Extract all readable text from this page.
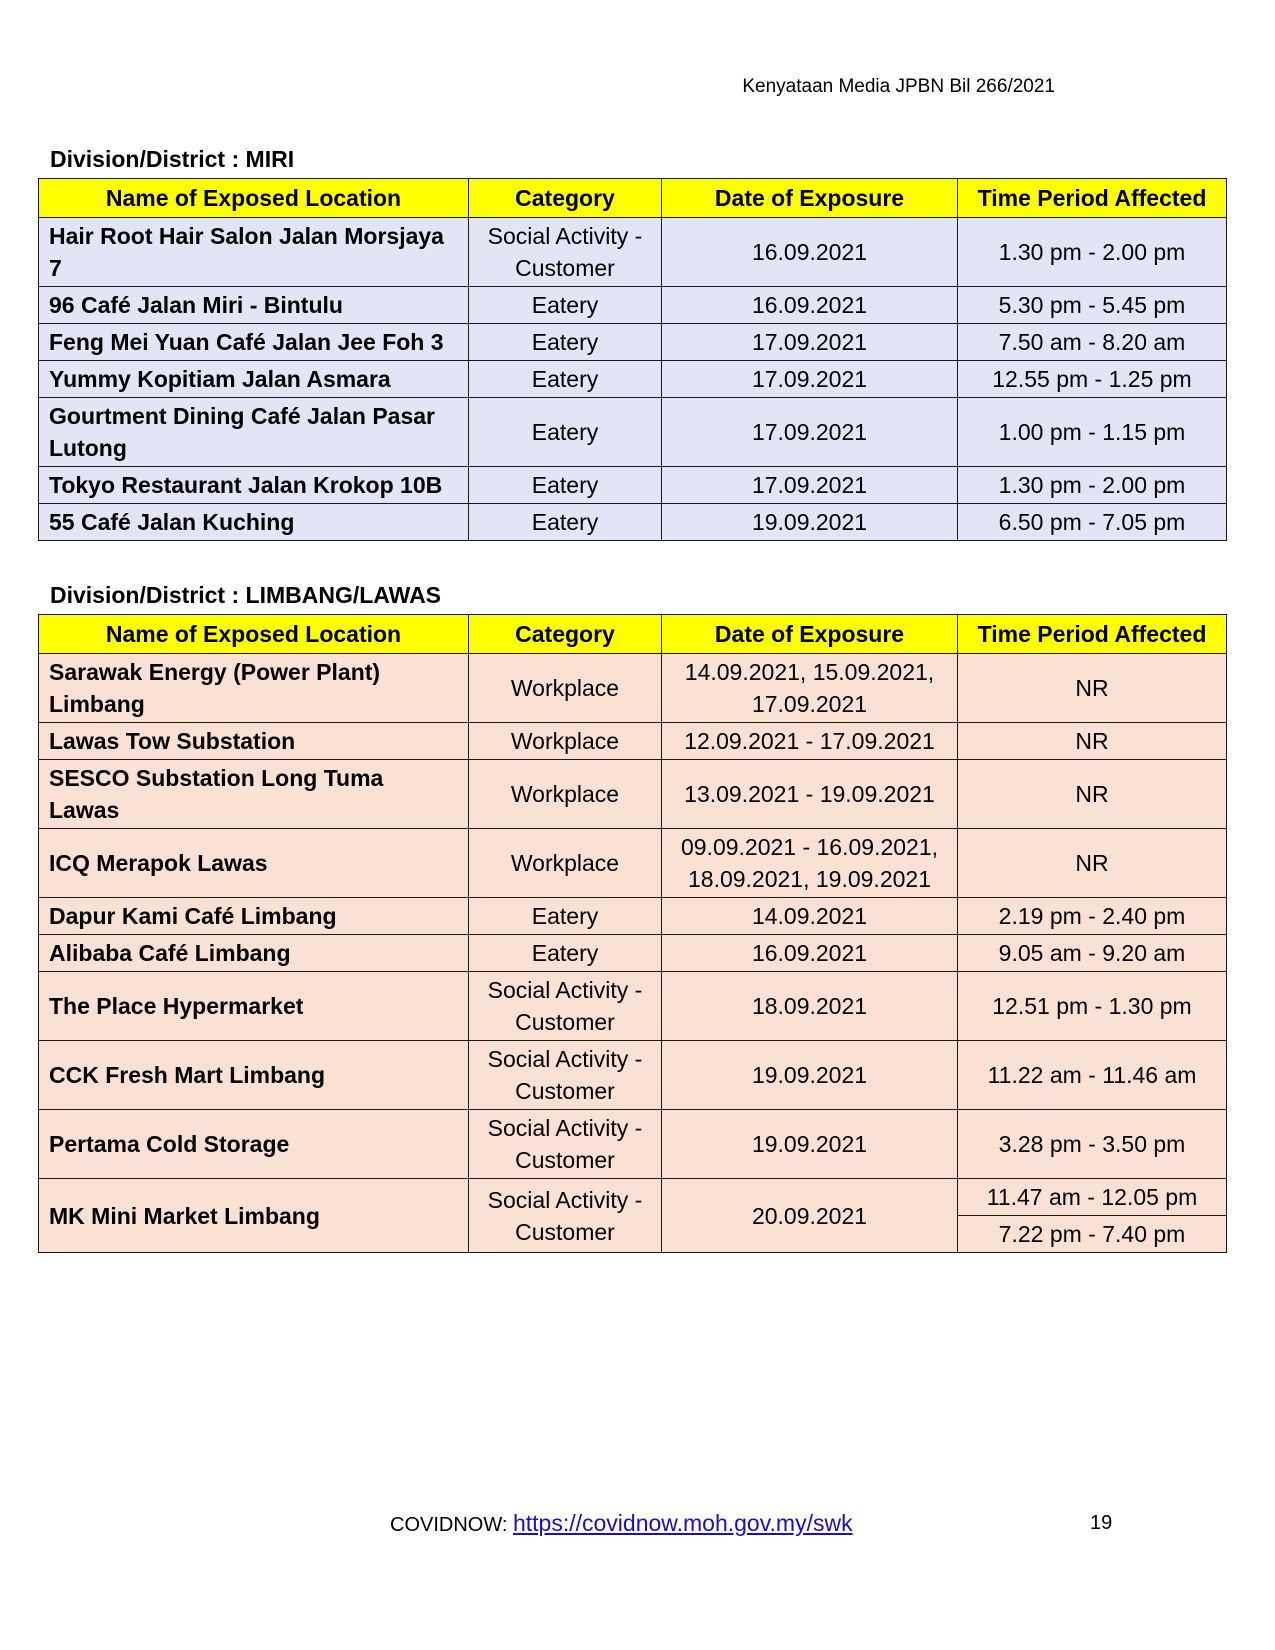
Kenyataan Media JPBN Bil 266/2021
Division/District : MIRI
Name of Exposed Location	Category	Date of Exposure	Time Period Affected
Hair Root Hair Salon Jalan Morsjaya 7	Social Activity - Customer	16.09.2021	1.30 pm - 2.00 pm
96 Café Jalan Miri - Bintulu	Eatery	16.09.2021	5.30 pm - 5.45 pm
Feng Mei Yuan Café Jalan Jee Foh 3	Eatery	17.09.2021	7.50 am - 8.20 am
Yummy Kopitiam Jalan Asmara	Eatery	17.09.2021	12.55 pm - 1.25 pm
Gourtment Dining Café Jalan Pasar Lutong	Eatery	17.09.2021	1.00 pm - 1.15 pm
Tokyo Restaurant Jalan Krokop 10B	Eatery	17.09.2021	1.30 pm - 2.00 pm
55 Café Jalan Kuching	Eatery	19.09.2021	6.50 pm - 7.05 pm
Division/District : LIMBANG/LAWAS
Name of Exposed Location	Category	Date of Exposure	Time Period Affected
Sarawak Energy (Power Plant) Limbang	Workplace	14.09.2021, 15.09.2021, 17.09.2021	NR
Lawas Tow Substation	Workplace	12.09.2021 - 17.09.2021	NR
SESCO Substation Long Tuma Lawas	Workplace	13.09.2021 - 19.09.2021	NR
ICQ Merapok Lawas	Workplace	09.09.2021 - 16.09.2021, 18.09.2021, 19.09.2021	NR
Dapur Kami Café Limbang	Eatery	14.09.2021	2.19 pm - 2.40 pm
Alibaba Café Limbang	Eatery	16.09.2021	9.05 am - 9.20 am
The Place Hypermarket	Social Activity - Customer	18.09.2021	12.51 pm - 1.30 pm
CCK Fresh Mart Limbang	Social Activity - Customer	19.09.2021	11.22 am - 11.46 am
Pertama Cold Storage	Social Activity - Customer	19.09.2021	3.28 pm - 3.50 pm
MK Mini Market Limbang	Social Activity - Customer	20.09.2021	11.47 am - 12.05 pm
			7.22 pm - 7.40 pm
COVIDNOW: https://covidnow.moh.gov.my/swk	19
